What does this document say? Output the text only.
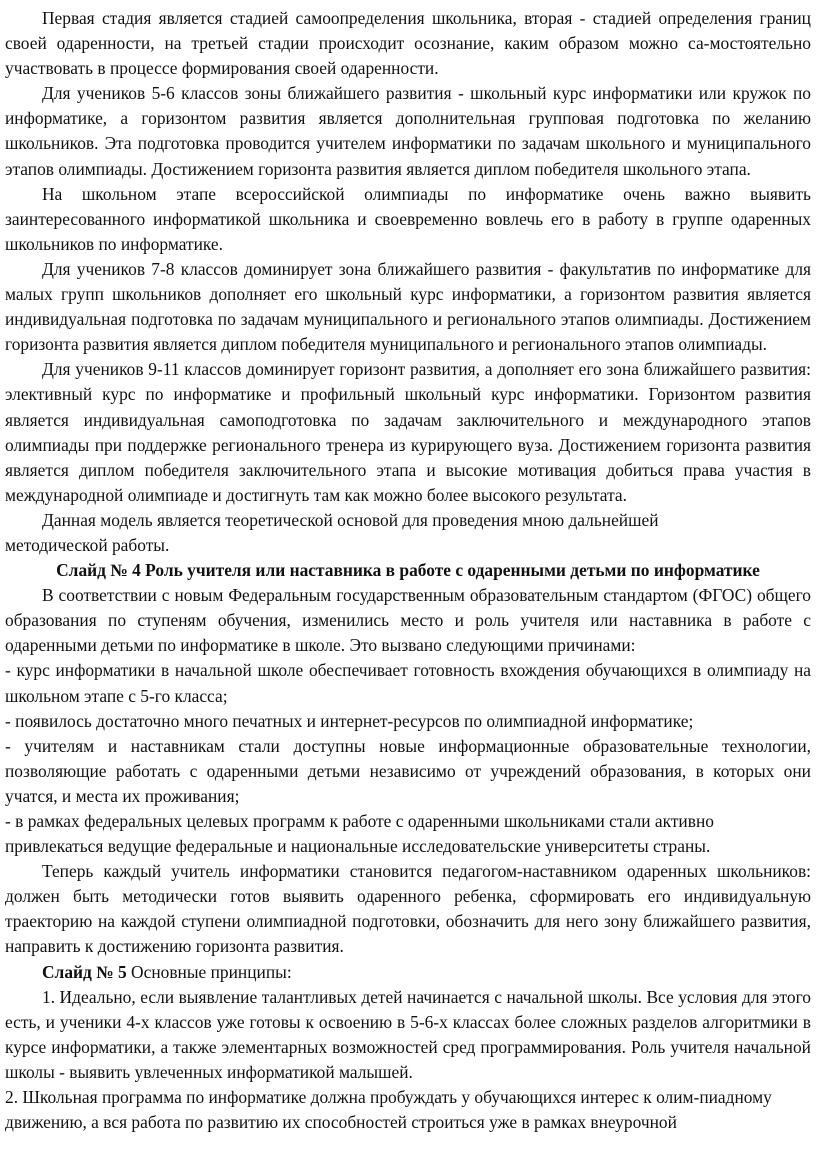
Первая стадия является стадией самоопределения школьника, вторая - стадией определения границ своей одаренности, на третьей стадии происходит осознание, каким образом можно са-мостоятельно участвовать в процессе формирования своей одаренности.

Для учеников 5-6 классов зоны ближайшего развития - школьный курс информатики или кружок по информатике, а горизонтом развития является дополнительная групповая подготовка по желанию школьников. Эта подготовка проводится учителем информатики по задачам школьного и муниципального этапов олимпиады. Достижением горизонта развития является диплом победителя школьного этапа.

На школьном этапе всероссийской олимпиады по информатике очень важно выявить заинтересованного информатикой школьника и своевременно вовлечь его в работу в группе одаренных школьников по информатике.

Для учеников 7-8 классов доминирует зона ближайшего развития - факультатив по информатике для малых групп школьников дополняет его школьный курс информатики, а горизонтом развития является индивидуальная подготовка по задачам муниципального и регионального этапов олимпиады. Достижением горизонта развития является диплом победителя муниципального и регионального этапов олимпиады.

Для учеников 9-11 классов доминирует горизонт развития, а дополняет его зона ближайшего развития: элективный курс по информатике и профильный школьный курс информатики. Горизонтом развития является индивидуальная самоподготовка по задачам заключительного и международного этапов олимпиады при поддержке регионального тренера из курирующего вуза. Достижением горизонта развития является диплом победителя заключительного этапа и высокие мотивация добиться права участия в международной олимпиаде и достигнуть там как можно более высокого результата.

Данная модель является теоретической основой для проведения мною дальнейшей

методической работы.

Слайд № 4 Роль учителя или наставника в работе с одаренными детьми по информатике

В соответствии с новым Федеральным государственным образовательным стандартом (ФГОС) общего образования по ступеням обучения, изменились место и роль учителя или наставника в работе с одаренными детьми по информатике в школе. Это вызвано следующими причинами:

- курс информатики в начальной школе обеспечивает готовность вхождения обучающихся в олимпиаду на школьном этапе с 5-го класса;

- появилось достаточно много печатных и интернет-ресурсов по олимпиадной информатике;

- учителям и наставникам стали доступны новые информационные образовательные технологии, позволяющие работать с одаренными детьми независимо от учреждений образования, в которых они учатся, и места их проживания;

- в рамках федеральных целевых программ к работе с одаренными школьниками стали активно

привлекаться ведущие федеральные и национальные исследовательские университеты страны.

Теперь каждый учитель информатики становится педагогом-наставником одаренных школьников: должен быть методически готов выявить одаренного ребенка, сформировать его индивидуальную траекторию на каждой ступени олимпиадной подготовки, обозначить для него зону ближайшего развития, направить к достижению горизонта развития.

Слайд № 5 Основные принципы:

1. Идеально, если выявление талантливых детей начинается с начальной школы. Все условия для этого есть, и ученики 4-х классов уже готовы к освоению в 5-6-х классах более сложных разделов алгоритмики в курсе информатики, а также элементарных возможностей сред программирования. Роль учителя начальной школы - выявить увлеченных информатикой малышей.

2. Школьная программа по информатике должна пробуждать у обучающихся интерес к олим-пиадному движению, а вся работа по развитию их способностей строиться уже в рамках внеурочной
